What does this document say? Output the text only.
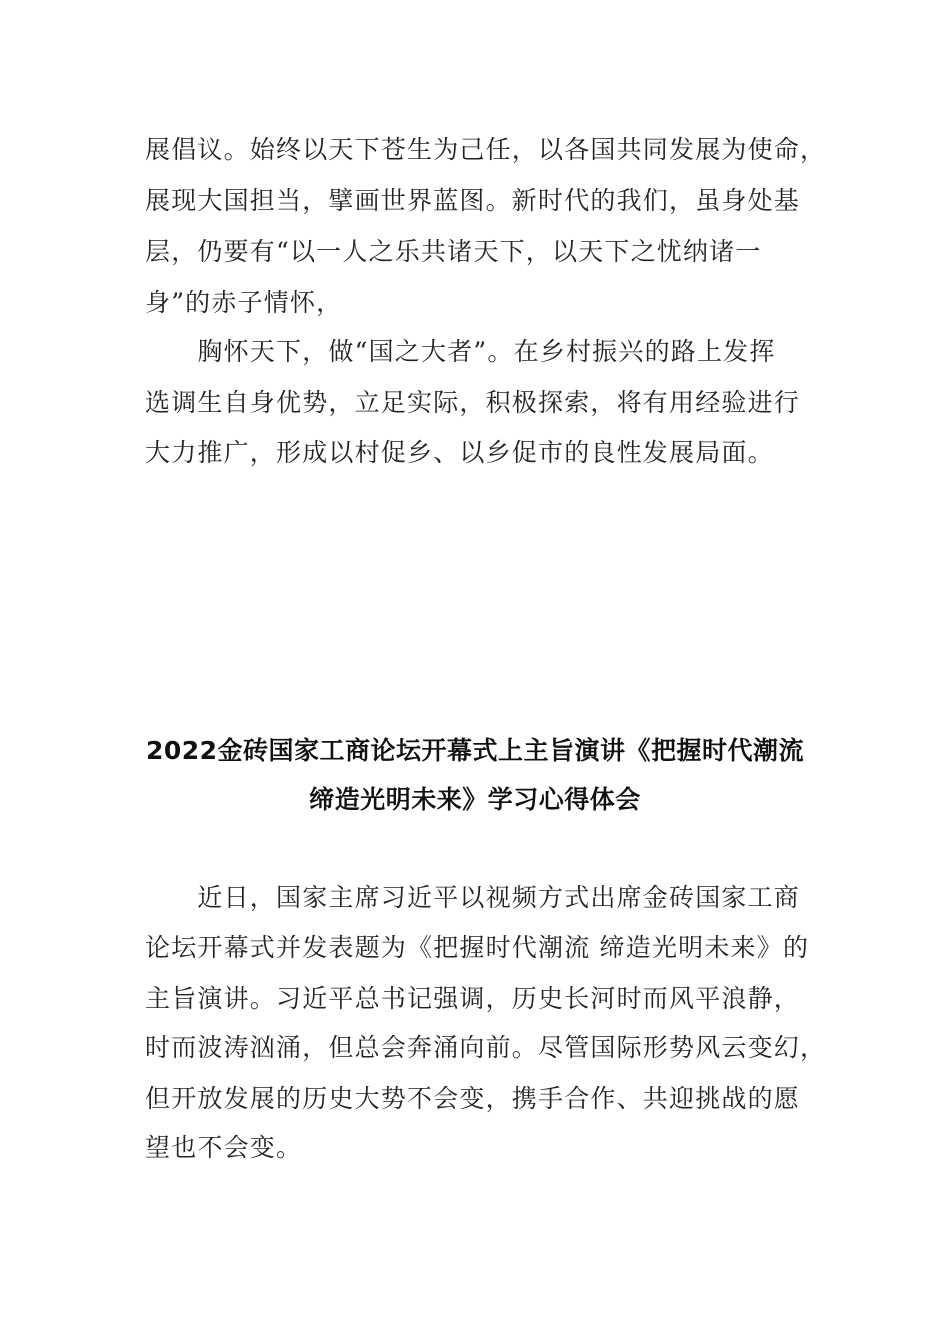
展倡议。始终以天下苍生为己任，以各国共同发展为使命，
展现大国担当，擘画世界蓝图。新时代的我们，虽身处基
层，仍要有“以一人之乐共诸天下，以天下之忧纳诸一
身”的赤子情怀，
　　胸怀天下，做“国之大者”。在乡村振兴的路上发挥
选调生自身优势，立足实际，积极探索，将有用经验进行
大力推广，形成以村促乡、以乡促市的良性发展局面。
2022金砖国家工商论坛开幕式上主旨演讲《把握时代潮流
缔造光明未来》学习心得体会
　　近日，国家主席习近平以视频方式出席金砖国家工商
论坛开幕式并发表题为《把握时代潮流 缔造光明未来》的
主旨演讲。习近平总书记强调，历史长河时而风平浪静，
时而波涛汹涌，但总会奔涌向前。尽管国际形势风云变幻，
但开放发展的历史大势不会变，携手合作、共迎挑战的愿
望也不会变。
